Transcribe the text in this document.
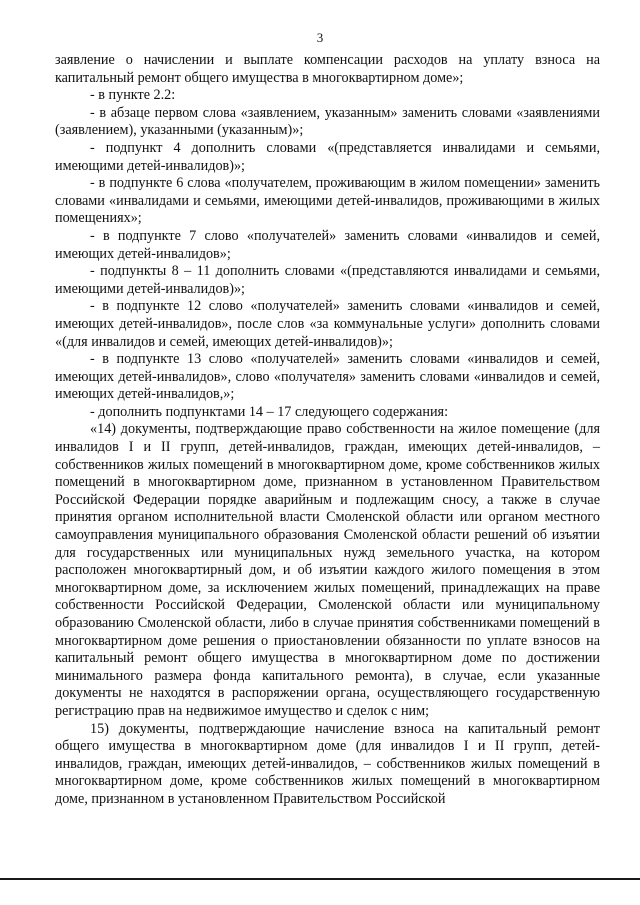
3

заявление о начислении и выплате компенсации расходов на уплату взноса на капитальный ремонт общего имущества в многоквартирном доме»;

- в пункте 2.2:

- в абзаце первом слова «заявлением, указанным» заменить словами «заявлениями (заявлением), указанными (указанным)»;

- подпункт 4 дополнить словами «(представляется инвалидами и семьями, имеющими детей-инвалидов)»;

- в подпункте 6 слова «получателем, проживающим в жилом помещении» заменить словами «инвалидами и семьями, имеющими детей-инвалидов, проживающими в жилых помещениях»;

- в подпункте 7 слово «получателей» заменить словами «инвалидов и семей, имеющих детей-инвалидов»;

- подпункты 8 – 11 дополнить словами «(представляются инвалидами и семьями, имеющими детей-инвалидов)»;

- в подпункте 12 слово «получателей» заменить словами «инвалидов и семей, имеющих детей-инвалидов», после слов «за коммунальные услуги» дополнить словами «(для инвалидов и семей, имеющих детей-инвалидов)»;

- в подпункте 13 слово «получателей» заменить словами «инвалидов и семей, имеющих детей-инвалидов», слово «получателя» заменить словами «инвалидов и семей, имеющих детей-инвалидов,»;

- дополнить подпунктами 14 – 17 следующего содержания:

«14) документы, подтверждающие право собственности на жилое помещение (для инвалидов I и II групп, детей-инвалидов, граждан, имеющих детей-инвалидов, – собственников жилых помещений в многоквартирном доме, кроме собственников жилых помещений в многоквартирном доме, признанном в установленном Правительством Российской Федерации порядке аварийным и подлежащим сносу, а также в случае принятия органом исполнительной власти Смоленской области или органом местного самоуправления муниципального образования Смоленской области решений об изъятии для государственных или муниципальных нужд земельного участка, на котором расположен многоквартирный дом, и об изъятии каждого жилого помещения в этом многоквартирном доме, за исключением жилых помещений, принадлежащих на праве собственности Российской Федерации, Смоленской области или муниципальному образованию Смоленской области, либо в случае принятия собственниками помещений в многоквартирном доме решения о приостановлении обязанности по уплате взносов на капитальный ремонт общего имущества в многоквартирном доме по достижении минимального размера фонда капитального ремонта), в случае, если указанные документы не находятся в распоряжении органа, осуществляющего государственную регистрацию прав на недвижимое имущество и сделок с ним;

15) документы, подтверждающие начисление взноса на капитальный ремонт общего имущества в многоквартирном доме (для инвалидов I и II групп, детей-инвалидов, граждан, имеющих детей-инвалидов, – собственников жилых помещений в многоквартирном доме, кроме собственников жилых помещений в многоквартирном доме, признанном в установленном Правительством Российской
